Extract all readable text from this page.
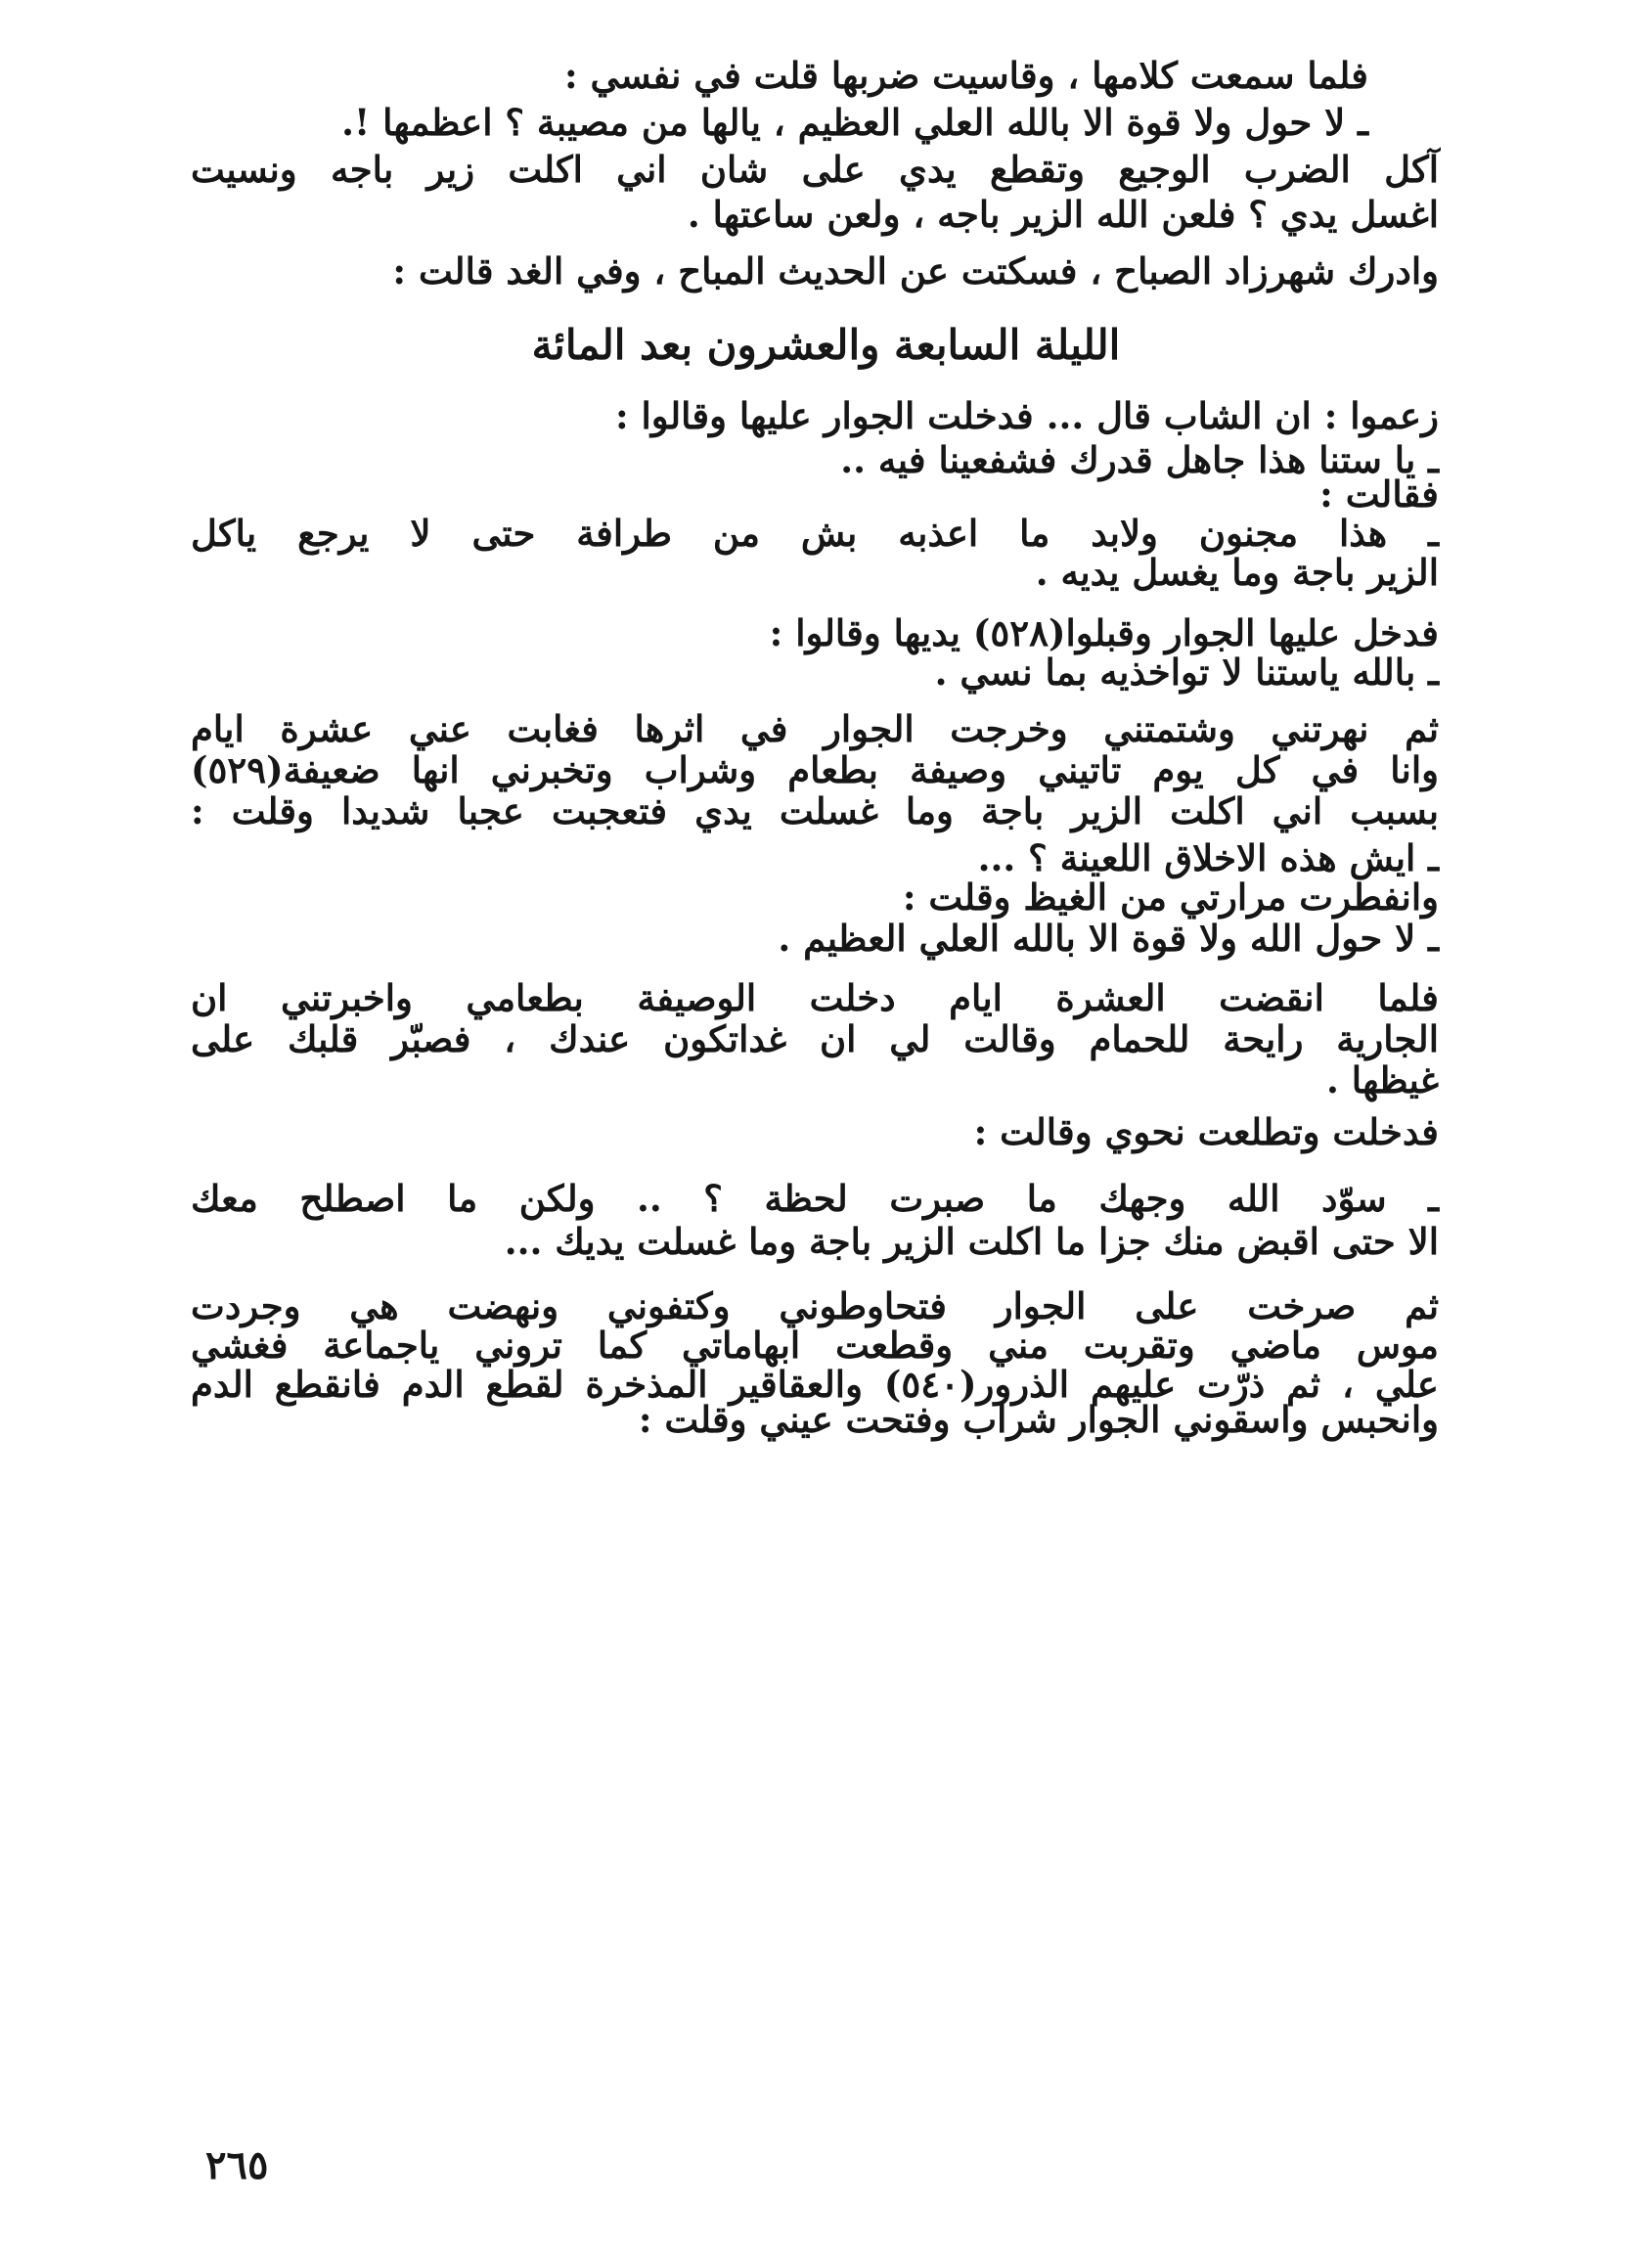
فلما سمعت كلامها ، وقاسيت ضربها قلت في نفسي :
ـ لا حول ولا قوة الا بالله العلي العظيم ، يالها من مصيبة ؟ اعظمها !.
آكل الضرب الوجيع وتقطع يدي على شان اني اكلت زير باجه ونسيت
اغسل يدي ؟ فلعن الله الزير باجه ، ولعن ساعتها .
وادرك شهرزاد الصباح ، فسكتت عن الحديث المباح ، وفي الغد قالت :
الليلة السابعة والعشرون بعد المائة
زعموا : ان الشاب قال ... فدخلت الجوار عليها وقالوا :
ـ يا ستنا هذا جاهل قدرك فشفعينا فيه ..
فقالت :
ـ هذا مجنون ولابد ما اعذبه بش من طرافة حتى لا يرجع ياكل
الزير باجة وما يغسل يديه .
فدخل عليها الجوار وقبلوا(٥٢٨) يديها وقالوا :
ـ بالله ياستنا لا تواخذيه بما نسي .
ثم نهرتني وشتمتني وخرجت الجوار في اثرها فغابت عني عشرة ايام
وانا في كل يوم تاتيني وصيفة بطعام وشراب وتخبرني انها ضعيفة(٥٢٩)
بسبب اني اكلت الزير باجة وما غسلت يدي فتعجبت عجبا شديدا وقلت :
ـ ايش هذه الاخلاق اللعينة ؟ ...
وانفطرت مرارتي من الغيظ وقلت :
ـ لا حول الله ولا قوة الا بالله العلي العظيم .
فلما انقضت العشرة ايام دخلت الوصيفة بطعامي واخبرتني ان
الجارية رايحة للحمام وقالت لي ان غداتكون عندك ، فصبّر قلبك على
غيظها .
فدخلت وتطلعت نحوي وقالت :
ـ سوّد الله وجهك ما صبرت لحظة ؟ .. ولكن ما اصطلح معك
الا حتى اقبض منك جزا ما اكلت الزير باجة وما غسلت يديك ...
ثم صرخت على الجوار فتحاوطوني وكتفوني ونهضت هي وجردت
موس ماضي وتقربت مني وقطعت ابهاماتي كما تروني ياجماعة فغشي
علي ، ثم ذرّت عليهم الذرور(٥٤٠) والعقاقير المذخرة لقطع الدم فانقطع الدم
وانحبس واسقوني الجوار شراب وفتحت عيني وقلت :
٢٦٥
